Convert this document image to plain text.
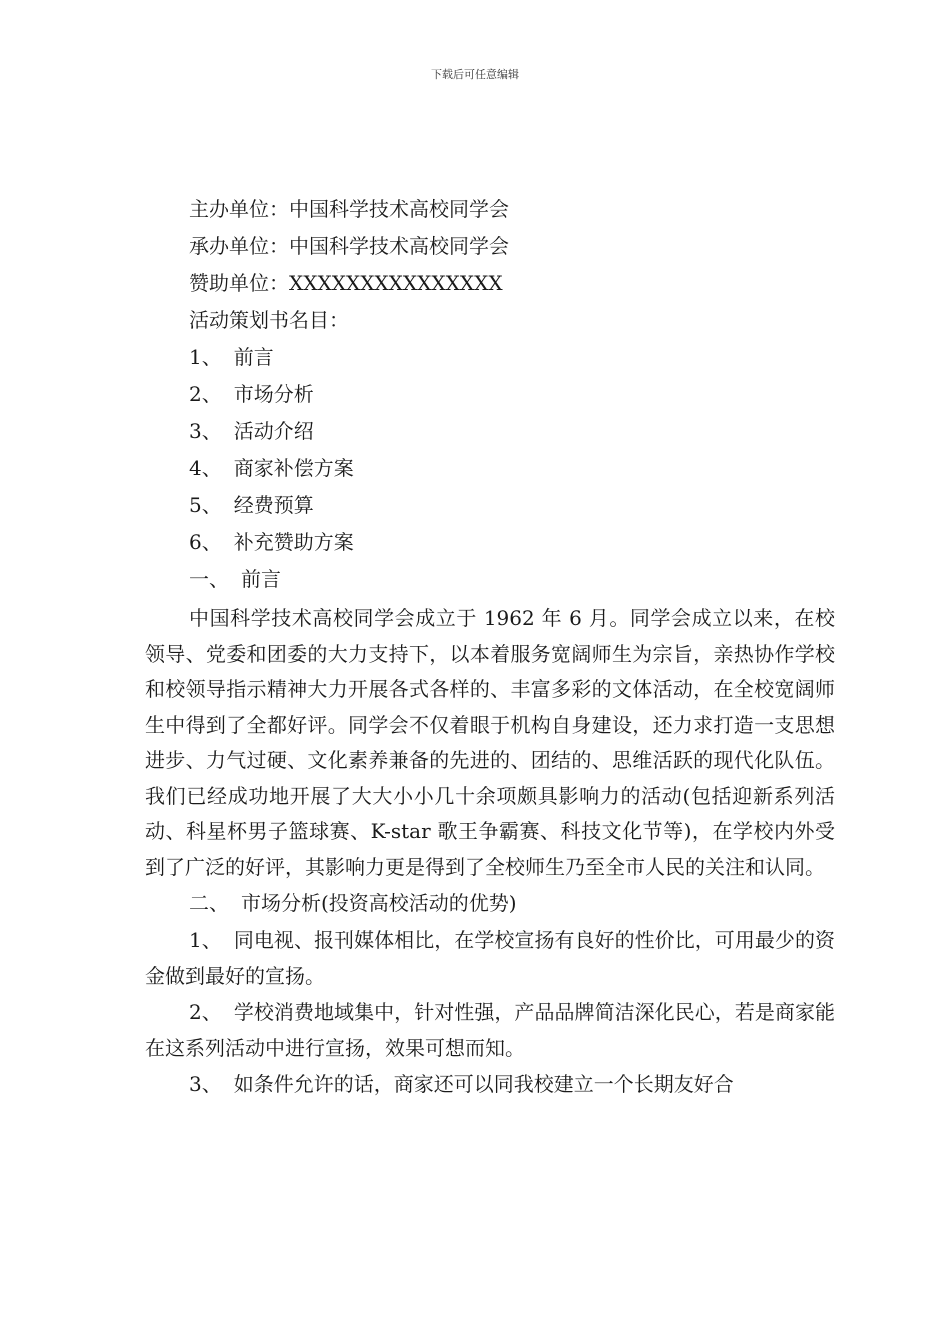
下载后可任意编辑

主办单位：中国科学技术高校同学会

承办单位：中国科学技术高校同学会

赞助单位：XXXXXXXXXXXXXXX

活动策划书名目：

1、 前言

2、 市场分析

3、 活动介绍

4、 商家补偿方案

5、 经费预算

6、 补充赞助方案

一、 前言

中国科学技术高校同学会成立于 1962 年 6 月。同学会成立以来，在校领导、党委和团委的大力支持下，以本着服务宽阔师生为宗旨，亲热协作学校和校领导指示精神大力开展各式各样的、丰富多彩的文体活动，在全校宽阔师生中得到了全都好评。同学会不仅着眼于机构自身建设，还力求打造一支思想进步、力气过硬、文化素养兼备的先进的、团结的、思维活跃的现代化队伍。我们已经成功地开展了大大小小几十余项颇具影响力的活动(包括迎新系列活动、科星杯男子篮球赛、K-star 歌王争霸赛、科技文化节等)，在学校内外受到了广泛的好评，其影响力更是得到了全校师生乃至全市人民的关注和认同。

二、 市场分析(投资高校活动的优势)

1、 同电视、报刊媒体相比，在学校宣扬有良好的性价比，可用最少的资金做到最好的宣扬。

2、 学校消费地域集中，针对性强，产品品牌简洁深化民心，若是商家能在这系列活动中进行宣扬，效果可想而知。

3、 如条件允许的话，商家还可以同我校建立一个长期友好合
